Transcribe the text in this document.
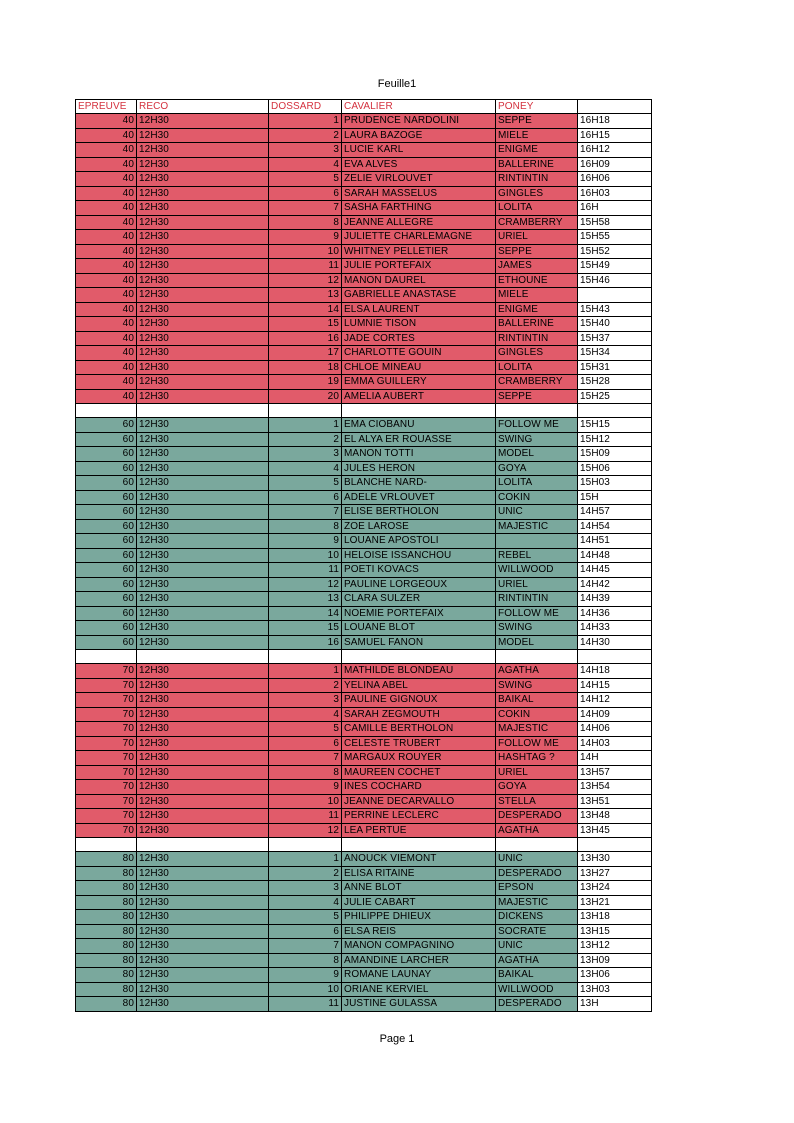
Feuille1
EPREUVE	RECO	DOSSARD	CAVALIER	PONEY	
40	12H30	1	PRUDENCE NARDOLINI	SEPPE	16H18
40	12H30	2	LAURA BAZOGE	MIELE	16H15
40	12H30	3	LUCIE KARL	ENIGME	16H12
40	12H30	4	EVA ALVES	BALLERINE	16H09
40	12H30	5	ZELIE VIRLOUVET	RINTINTIN	16H06
40	12H30	6	SARAH MASSELUS	GINGLES	16H03
40	12H30	7	SASHA FARTHING	LOLITA	16H
40	12H30	8	JEANNE ALLEGRE	CRAMBERRY	15H58
40	12H30	9	JULIETTE CHARLEMAGNE	URIEL	15H55
40	12H30	10	WHITNEY PELLETIER	SEPPE	15H52
40	12H30	11	JULIE PORTEFAIX	JAMES	15H49
40	12H30	12	MANON DAUREL	ETHOUNE	15H46
40	12H30	13	GABRIELLE ANASTASE	MIELE	
40	12H30	14	ELSA LAURENT	ENIGME	15H43
40	12H30	15	LUMNIE TISON	BALLERINE	15H40
40	12H30	16	JADE CORTES	RINTINTIN	15H37
40	12H30	17	CHARLOTTE GOUIN	GINGLES	15H34
40	12H30	18	CHLOE MINEAU	LOLITA	15H31
40	12H30	19	EMMA GUILLERY	CRAMBERRY	15H28
40	12H30	20	AMELIA AUBERT	SEPPE	15H25

60	12H30	1	EMA CIOBANU	FOLLOW ME	15H15
60	12H30	2	EL ALYA ER ROUASSE	SWING	15H12
60	12H30	3	MANON TOTTI	MODEL	15H09
60	12H30	4	JULES HERON	GOYA	15H06
60	12H30	5	BLANCHE NARD-	LOLITA	15H03
60	12H30	6	ADELE VRLOUVET	COKIN	15H
60	12H30	7	ELISE BERTHOLON	UNIC	14H57
60	12H30	8	ZOE LAROSE	MAJESTIC	14H54
60	12H30	9	LOUANE APOSTOLI		14H51
60	12H30	10	HELOISE ISSANCHOU	REBEL	14H48
60	12H30	11	POETI KOVACS	WILLWOOD	14H45
60	12H30	12	PAULINE LORGEOUX	URIEL	14H42
60	12H30	13	CLARA SULZER	RINTINTIN	14H39
60	12H30	14	NOEMIE PORTEFAIX	FOLLOW ME	14H36
60	12H30	15	LOUANE BLOT	SWING	14H33
60	12H30	16	SAMUEL FANON	MODEL	14H30

70	12H30	1	MATHILDE BLONDEAU	AGATHA	14H18
70	12H30	2	YELINA ABEL	SWING	14H15
70	12H30	3	PAULINE GIGNOUX	BAIKAL	14H12
70	12H30	4	SARAH ZEGMOUTH	COKIN	14H09
70	12H30	5	CAMILLE BERTHOLON	MAJESTIC	14H06
70	12H30	6	CELESTE TRUBERT	FOLLOW ME	14H03
70	12H30	7	MARGAUX ROUYER	HASHTAG ?	14H
70	12H30	8	MAUREEN COCHET	URIEL	13H57
70	12H30	9	INES COCHARD	GOYA	13H54
70	12H30	10	JEANNE DECARVALLO	STELLA	13H51
70	12H30	11	PERRINE LECLERC	DESPERADO	13H48
70	12H30	12	LEA PERTUE	AGATHA	13H45

80	12H30	1	ANOUCK VIEMONT	UNIC	13H30
80	12H30	2	ELISA RITAINE	DESPERADO	13H27
80	12H30	3	ANNE BLOT	EPSON	13H24
80	12H30	4	JULIE CABART	MAJESTIC	13H21
80	12H30	5	PHILIPPE DHIEUX	DICKENS	13H18
80	12H30	6	ELSA REIS	SOCRATE	13H15
80	12H30	7	MANON COMPAGNINO	UNIC	13H12
80	12H30	8	AMANDINE LARCHER	AGATHA	13H09
80	12H30	9	ROMANE LAUNAY	BAIKAL	13H06
80	12H30	10	ORIANE KERVIEL	WILLWOOD	13H03
80	12H30	11	JUSTINE GULASSA	DESPERADO	13H
Page 1
